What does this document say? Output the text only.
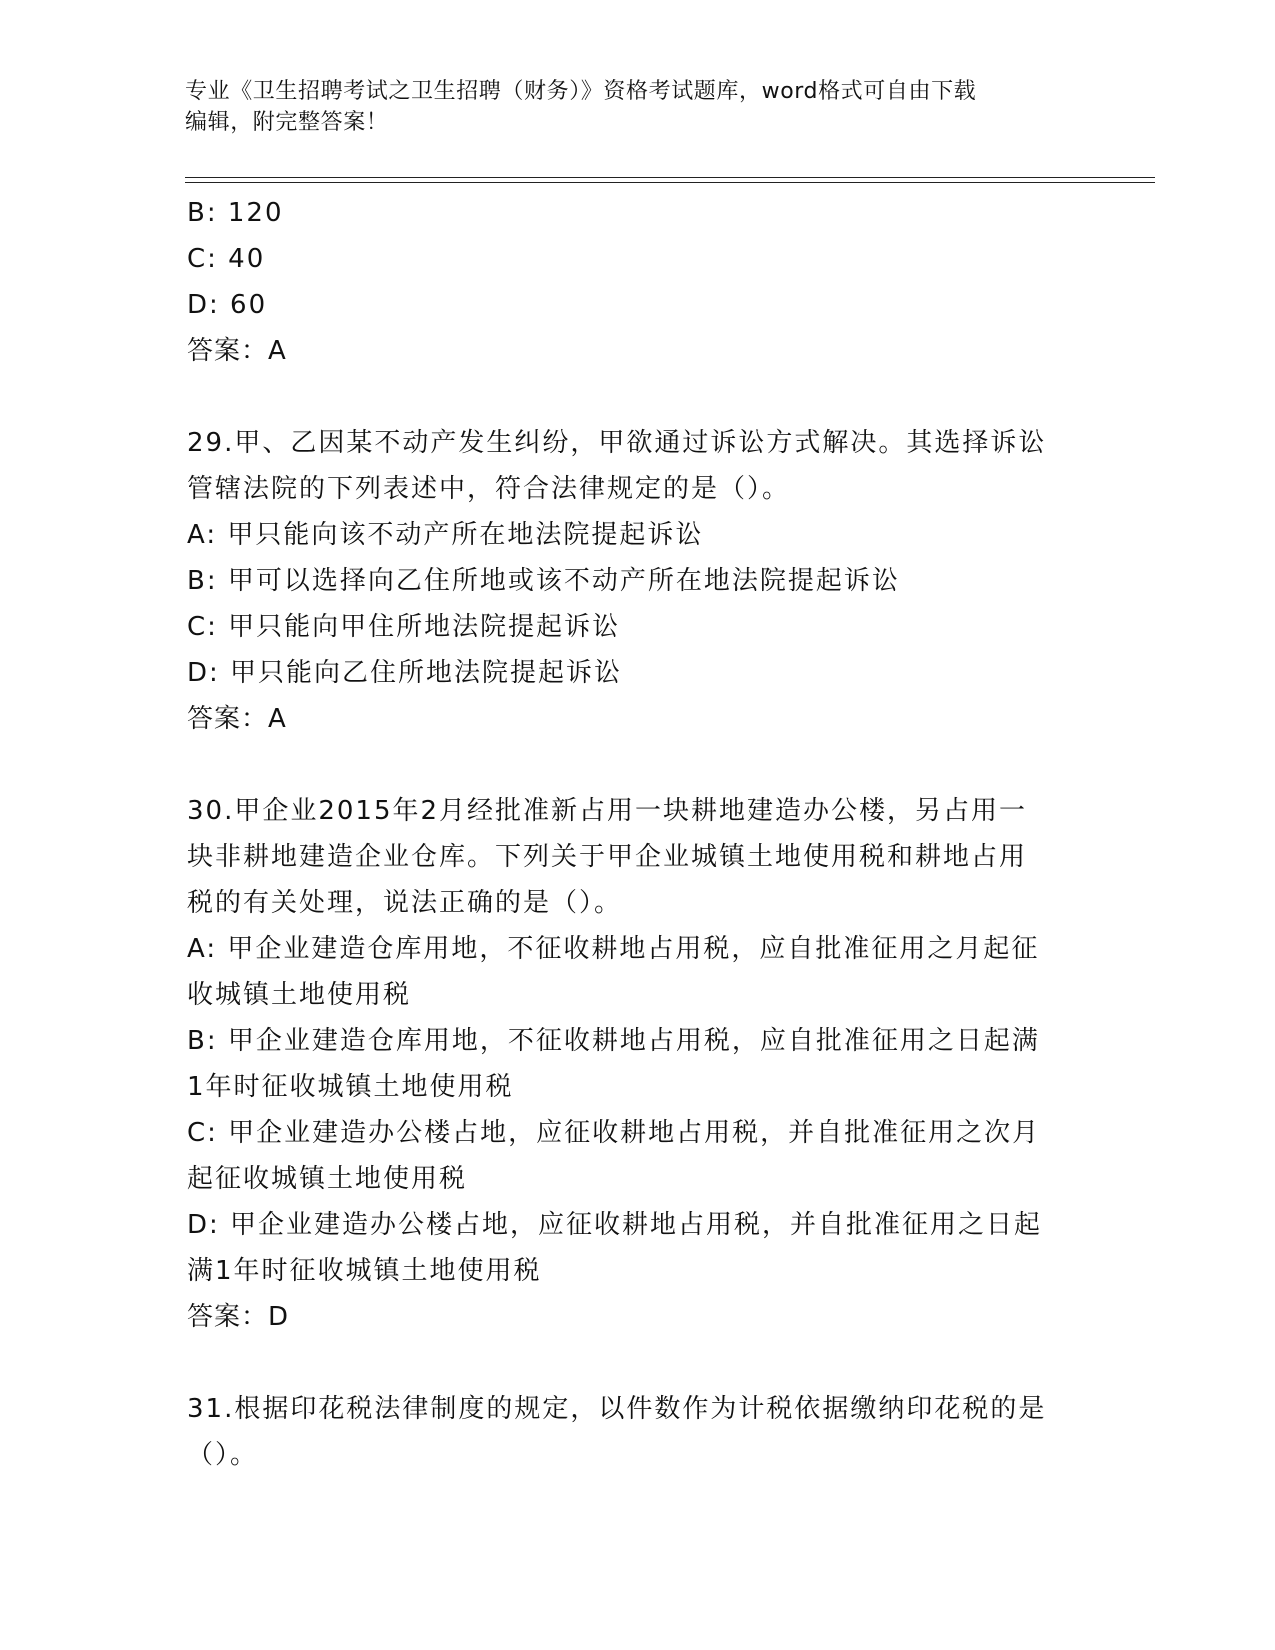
专业《卫生招聘考试之卫生招聘（财务）》资格考试题库，word格式可自由下载
编辑，附完整答案！
B: 120
C: 40
D: 60
答案：A
29.甲、乙因某不动产发生纠纷，甲欲通过诉讼方式解决。其选择诉讼
管辖法院的下列表述中，符合法律规定的是（）。
A: 甲只能向该不动产所在地法院提起诉讼
B: 甲可以选择向乙住所地或该不动产所在地法院提起诉讼
C: 甲只能向甲住所地法院提起诉讼
D: 甲只能向乙住所地法院提起诉讼
答案：A
30.甲企业2015年2月经批准新占用一块耕地建造办公楼，另占用一
块非耕地建造企业仓库。下列关于甲企业城镇土地使用税和耕地占用
税的有关处理，说法正确的是（）。
A: 甲企业建造仓库用地，不征收耕地占用税，应自批准征用之月起征
收城镇土地使用税
B: 甲企业建造仓库用地，不征收耕地占用税，应自批准征用之日起满
1年时征收城镇土地使用税
C: 甲企业建造办公楼占地，应征收耕地占用税，并自批准征用之次月
起征收城镇土地使用税
D: 甲企业建造办公楼占地，应征收耕地占用税，并自批准征用之日起
满1年时征收城镇土地使用税
答案：D
31.根据印花税法律制度的规定，以件数作为计税依据缴纳印花税的是
（）。
